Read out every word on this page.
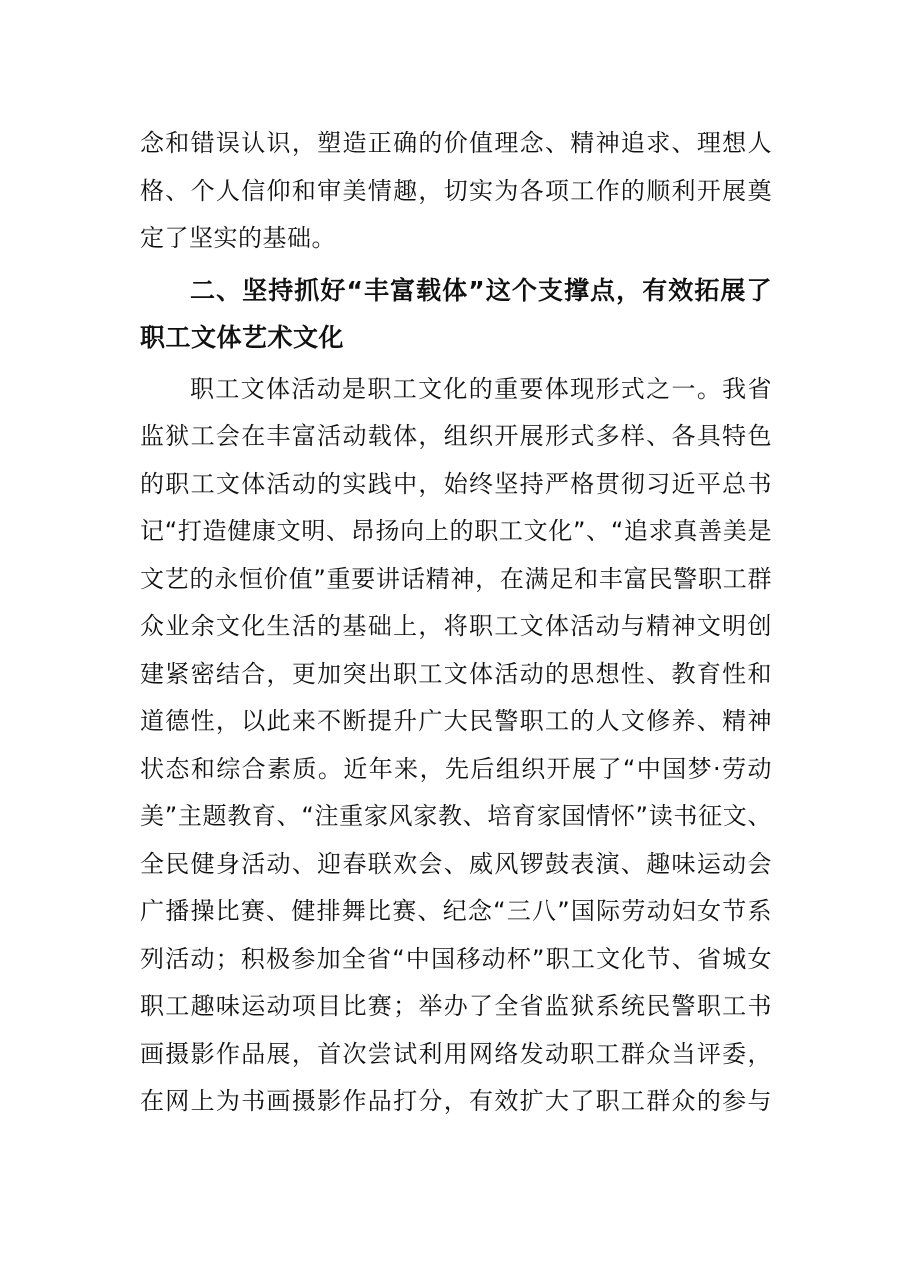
念和错误认识，塑造正确的价值理念、精神追求、理想人
格、个人信仰和审美情趣，切实为各项工作的顺利开展奠
定了坚实的基础。
二、坚持抓好“丰富载体”这个支撑点，有效拓展了
职工文体艺术文化
职工文体活动是职工文化的重要体现形式之一。我省
监狱工会在丰富活动载体，组织开展形式多样、各具特色
的职工文体活动的实践中，始终坚持严格贯彻习近平总书
记“打造健康文明、昂扬向上的职工文化”、“追求真善美是
文艺的永恒价值”重要讲话精神，在满足和丰富民警职工群
众业余文化生活的基础上，将职工文体活动与精神文明创
建紧密结合，更加突出职工文体活动的思想性、教育性和
道德性，以此来不断提升广大民警职工的人文修养、精神
状态和综合素质。近年来，先后组织开展了“中国梦·劳动
美”主题教育、“注重家风家教、培育家国情怀”读书征文、
全民健身活动、迎春联欢会、威风锣鼓表演、趣味运动会
广播操比赛、健排舞比赛、纪念“三八”国际劳动妇女节系
列活动；积极参加全省“中国移动杯”职工文化节、省城女
职工趣味运动项目比赛；举办了全省监狱系统民警职工书
画摄影作品展，首次尝试利用网络发动职工群众当评委，
在网上为书画摄影作品打分，有效扩大了职工群众的参与
